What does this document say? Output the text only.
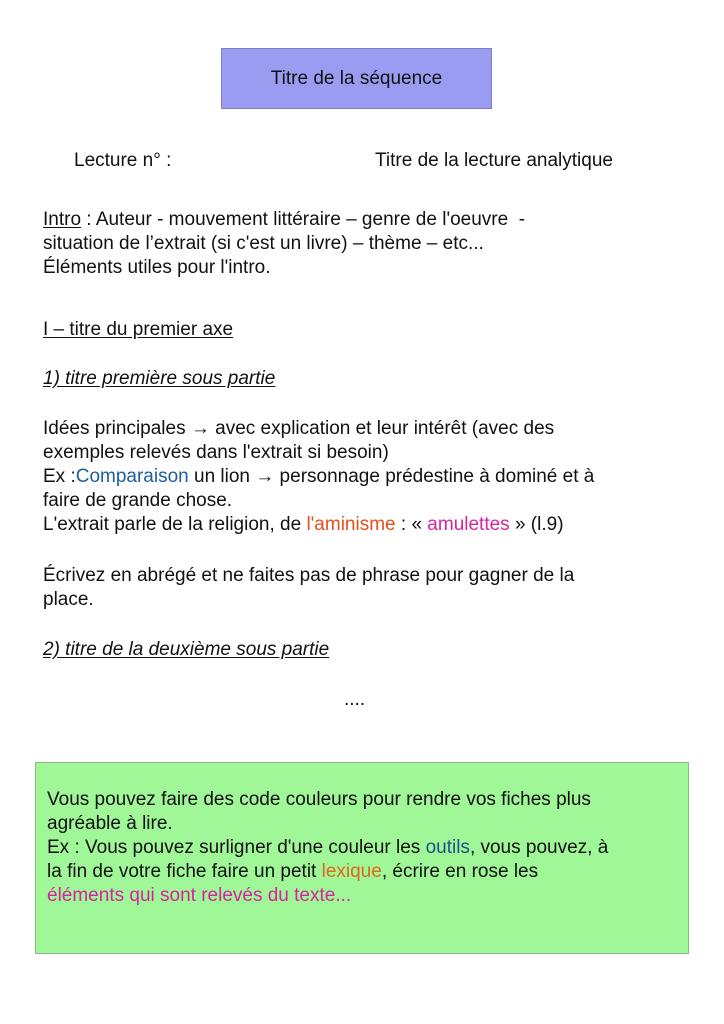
Titre de la séquence
Lecture n° :	Titre de la lecture analytique
Intro : Auteur - mouvement littéraire – genre de l'oeuvre  -
situation de l’extrait (si c'est un livre) – thème – etc...
Éléments utiles pour l'intro.
I – titre du premier axe
1) titre première sous partie
Idées principales → avec explication et leur intérêt (avec des
exemples relevés dans l'extrait si besoin)
Ex :Comparaison un lion → personnage prédestine à dominé et à
faire de grande chose.
L'extrait parle de la religion, de l'aminisme : « amulettes » (l.9)
Écrivez en abrégé et ne faites pas de phrase pour gagner de la
place.
2) titre de la deuxième sous partie
....
Vous pouvez faire des code couleurs pour rendre vos fiches plus
agréable à lire.
Ex : Vous pouvez surligner d'une couleur les outils, vous pouvez, à
la fin de votre fiche faire un petit lexique, écrire en rose les
éléments qui sont relevés du texte...
